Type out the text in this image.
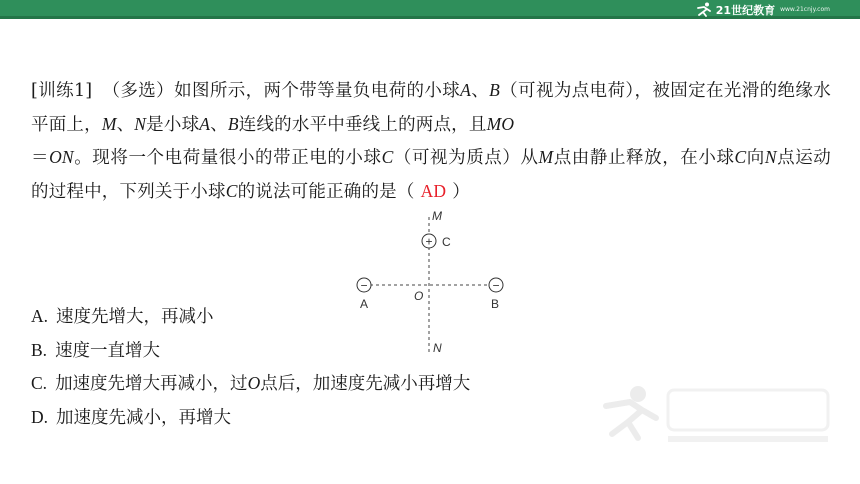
21世纪教育 www.21cnjy.com
[训练1] （多选）如图所示，两个带等量负电荷的小球A、B（可视为点电荷），被固定在光滑的绝缘水平面上，M、N是小球A、B连线的水平中垂线上的两点，且MO
＝ON。现将一个电荷量很小的带正电的小球C（可视为质点）从M点由静止释放，在小球C向N点运动的过程中，下列关于小球C的说法可能正确的是（ AD ）
M
+ C
−	−
A	B
O
N
A. 速度先增大，再减小
B. 速度一直增大
C. 加速度先增大再减小，过O点后，加速度先减小再增大
D. 加速度先减小，再增大
